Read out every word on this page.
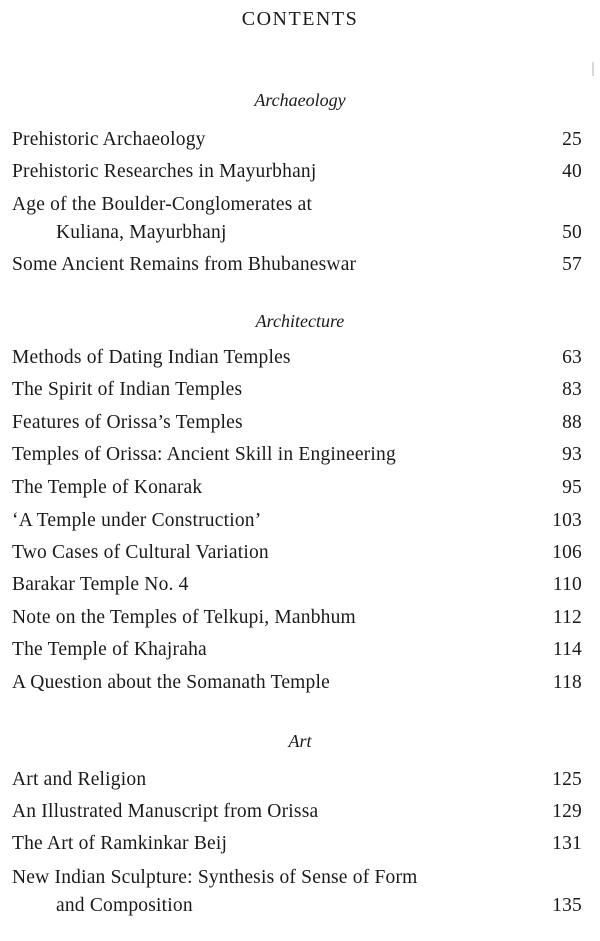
CONTENTS
Archaeology
Prehistoric Archaeology	25
Prehistoric Researches in Mayurbhanj	40
Age of the Boulder-Conglomerates at
Kuliana, Mayurbhanj	50
Some Ancient Remains from Bhubaneswar	57
Architecture
Methods of Dating Indian Temples	63
The Spirit of Indian Temples	83
Features of Orissa’s Temples	88
Temples of Orissa: Ancient Skill in Engineering	93
The Temple of Konarak	95
‘A Temple under Construction’	103
Two Cases of Cultural Variation	106
Barakar Temple No. 4	110
Note on the Temples of Telkupi, Manbhum	112
The Temple of Khajraha	114
A Question about the Somanath Temple	118
Art
Art and Religion	125
An Illustrated Manuscript from Orissa	129
The Art of Ramkinkar Beij	131
New Indian Sculpture: Synthesis of Sense of Form
and Composition	135
